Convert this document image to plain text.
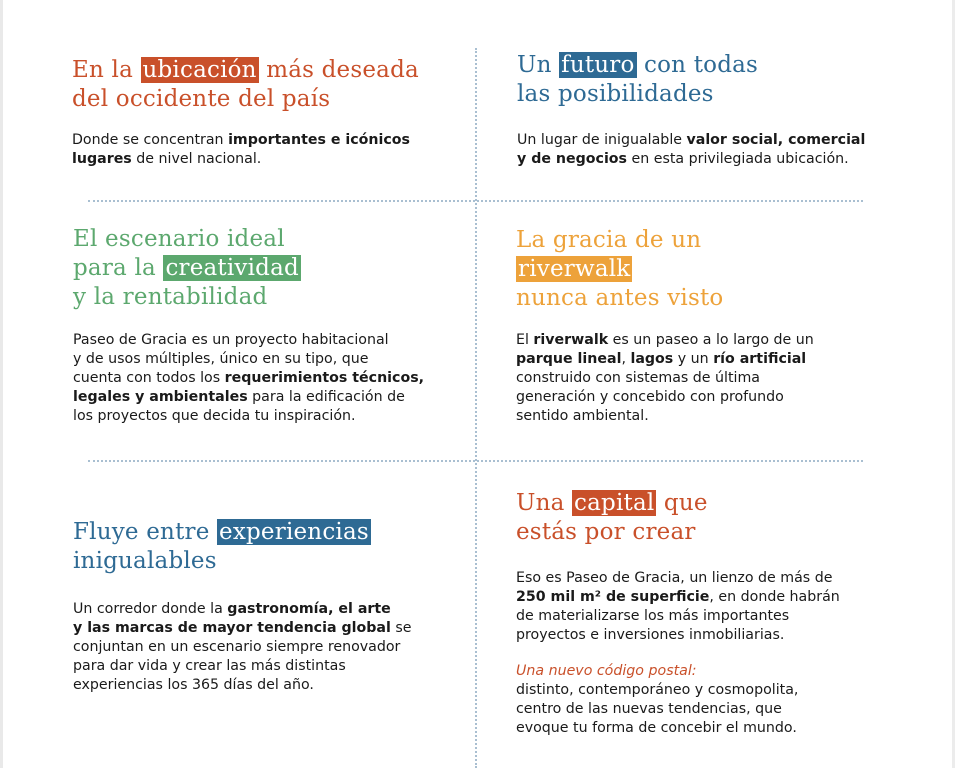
En la ubicación más deseada
del occidente del país

Donde se concentran importantes e icónicos
lugares de nivel nacional.

Un futuro con todas
las posibilidades

Un lugar de inigualable valor social, comercial
y de negocios en esta privilegiada ubicación.

El escenario ideal
para la creatividad
y la rentabilidad

Paseo de Gracia es un proyecto habitacional
y de usos múltiples, único en su tipo, que
cuenta con todos los requerimientos técnicos,
legales y ambientales para la edificación de
los proyectos que decida tu inspiración.

La gracia de un
riverwalk
nunca antes visto

El riverwalk es un paseo a lo largo de un
parque lineal, lagos y un río artificial
construido con sistemas de última
generación y concebido con profundo
sentido ambiental.

Fluye entre experiencias
inigualables

Un corredor donde la gastronomía, el arte
y las marcas de mayor tendencia global se
conjuntan en un escenario siempre renovador
para dar vida y crear las más distintas
experiencias los 365 días del año.

Una capital que
estás por crear

Eso es Paseo de Gracia, un lienzo de más de
250 mil m² de superficie, en donde habrán
de materializarse los más importantes
proyectos e inversiones inmobiliarias.

Una nuevo código postal:
distinto, contemporáneo y cosmopolita,
centro de las nuevas tendencias, que
evoque tu forma de concebir el mundo.
